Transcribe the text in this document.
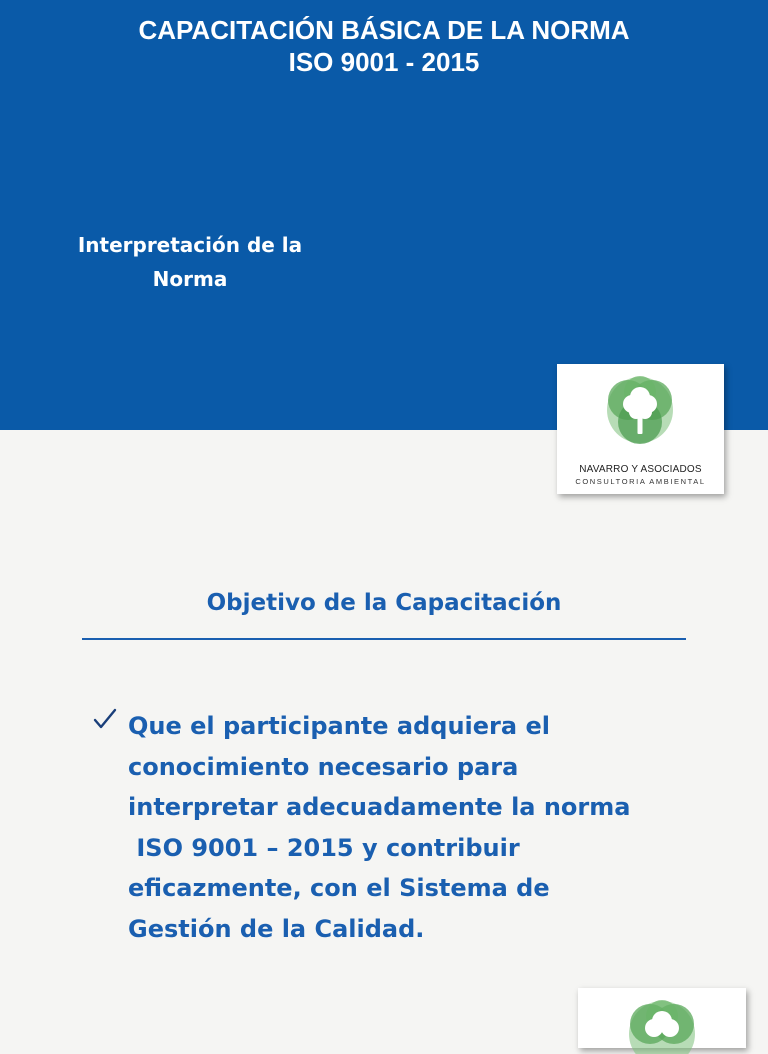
CAPACITACIÓN BÁSICA DE LA NORMA
ISO 9001 - 2015
Interpretación de la
Norma
NAVARRO Y ASOCIADOS
CONSULTORIA AMBIENTAL
Objetivo de la Capacitación

Que el participante adquiera el
conocimiento necesario para
interpretar adecuadamente la norma
ISO 9001 – 2015 y contribuir
eficazmente, con el Sistema de
Gestión de la Calidad.
